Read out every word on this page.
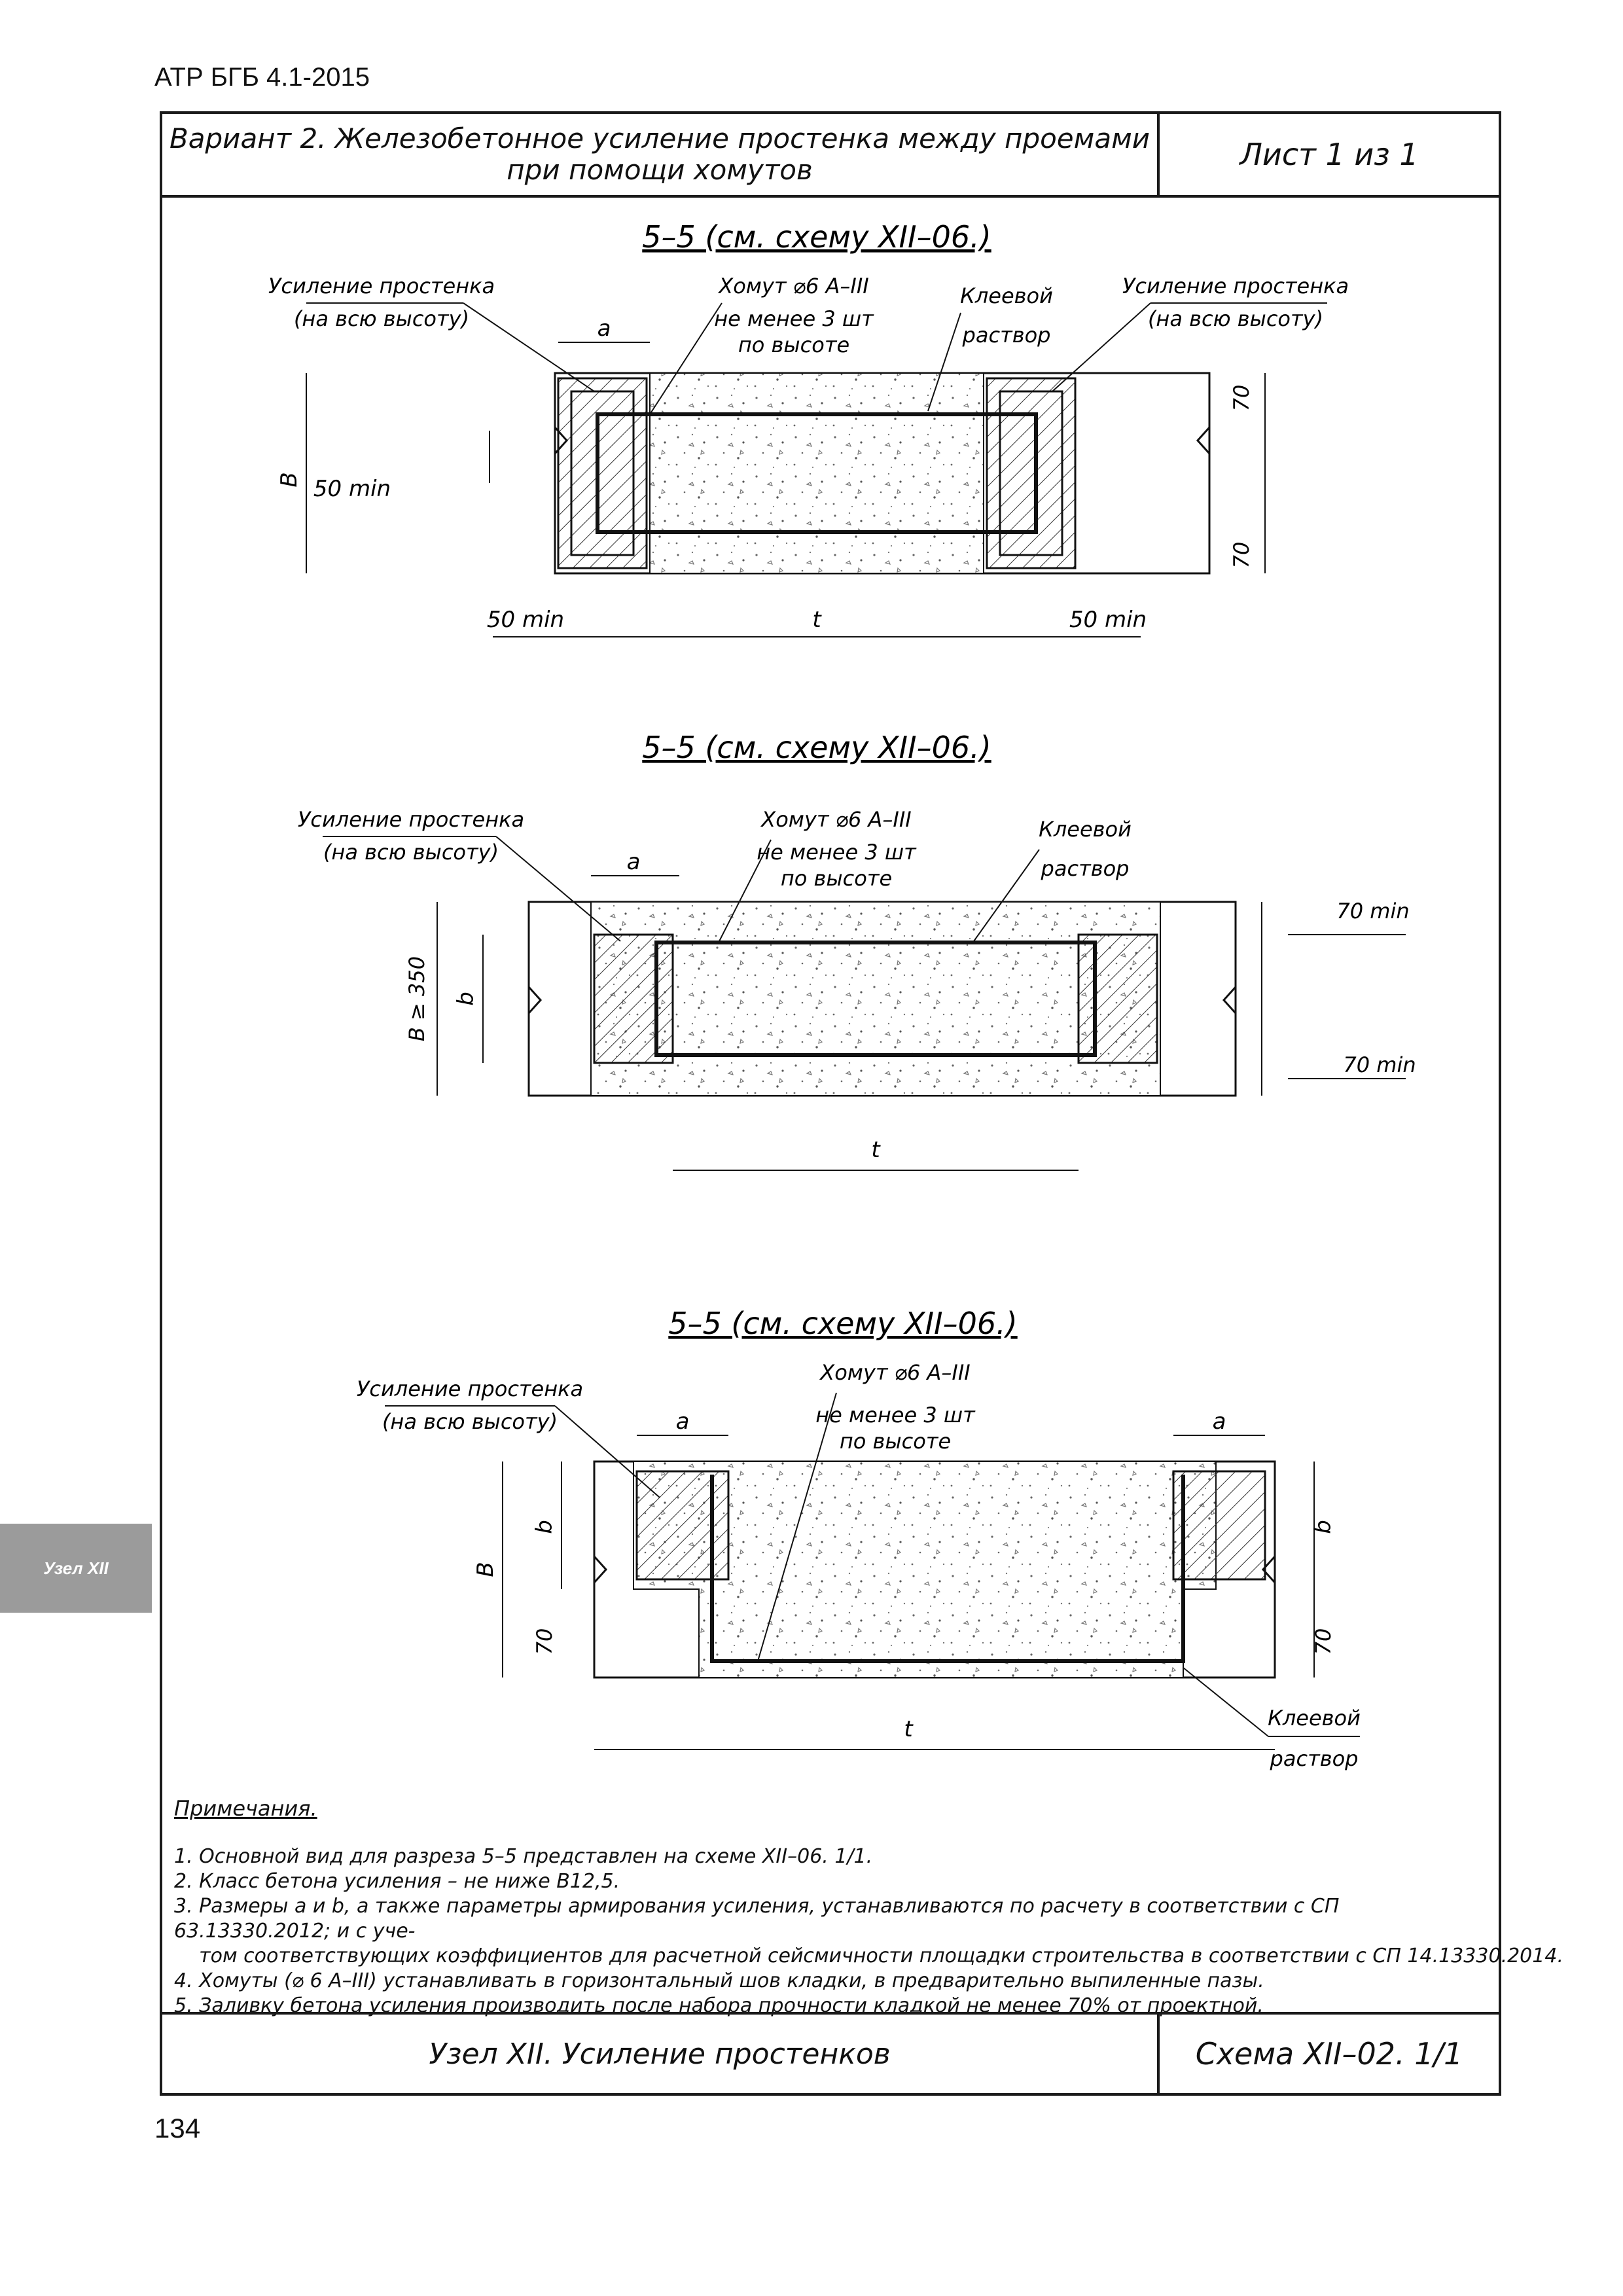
АТР БГБ 4.1-2015
Узел XII
Вариант 2. Железобетонное усиление простенка между проемами
при помощи хомутов	Лист 1 из 1
5–5 (см. схему XII–06.)
a
B 50 min
70
70
50 min	t	50 min
Усиление простенка
(на всю высоту)
Хомут ⌀6 А–III
не менее 3 шт
по высоте
Клеевой
раствор
Усиление простенка
(на всю высоту)
5–5 (см. схему XII–06.)
a
B ≥ 350 b
70 min
70 min
t
Усиление простенка
(на всю высоту)
Хомут ⌀6 А–III
не менее 3 шт
по высоте
Клеевой
раствор
5–5 (см. схему XII–06.)
a	a
B
b
70
b
70
t
Усиление простенка
(на всю высоту)
Хомут ⌀6 А–III
не менее 3 шт
по высоте
Клеевой
раствор
Примечания.
1. Основной вид для разреза 5–5 представлен на схеме XII–06. 1/1.
2. Класс бетона усиления – не ниже В12,5.
3. Размеры a и b, а также параметры армирования усиления, устанавливаются по расчету в соответствии с СП 63.13330.2012; и с уче-
том соответствующих коэффициентов для расчетной сейсмичности площадки строительства в соответствии с СП 14.13330.2014.
4. Хомуты (⌀ 6 А–III) устанавливать в горизонтальный шов кладки, в предварительно выпиленные пазы.
5. Заливку бетона усиления производить после набора прочности кладкой не менее 70% от проектной.
Узел XII. Усиление простенков	Схема XII–02. 1/1
134
